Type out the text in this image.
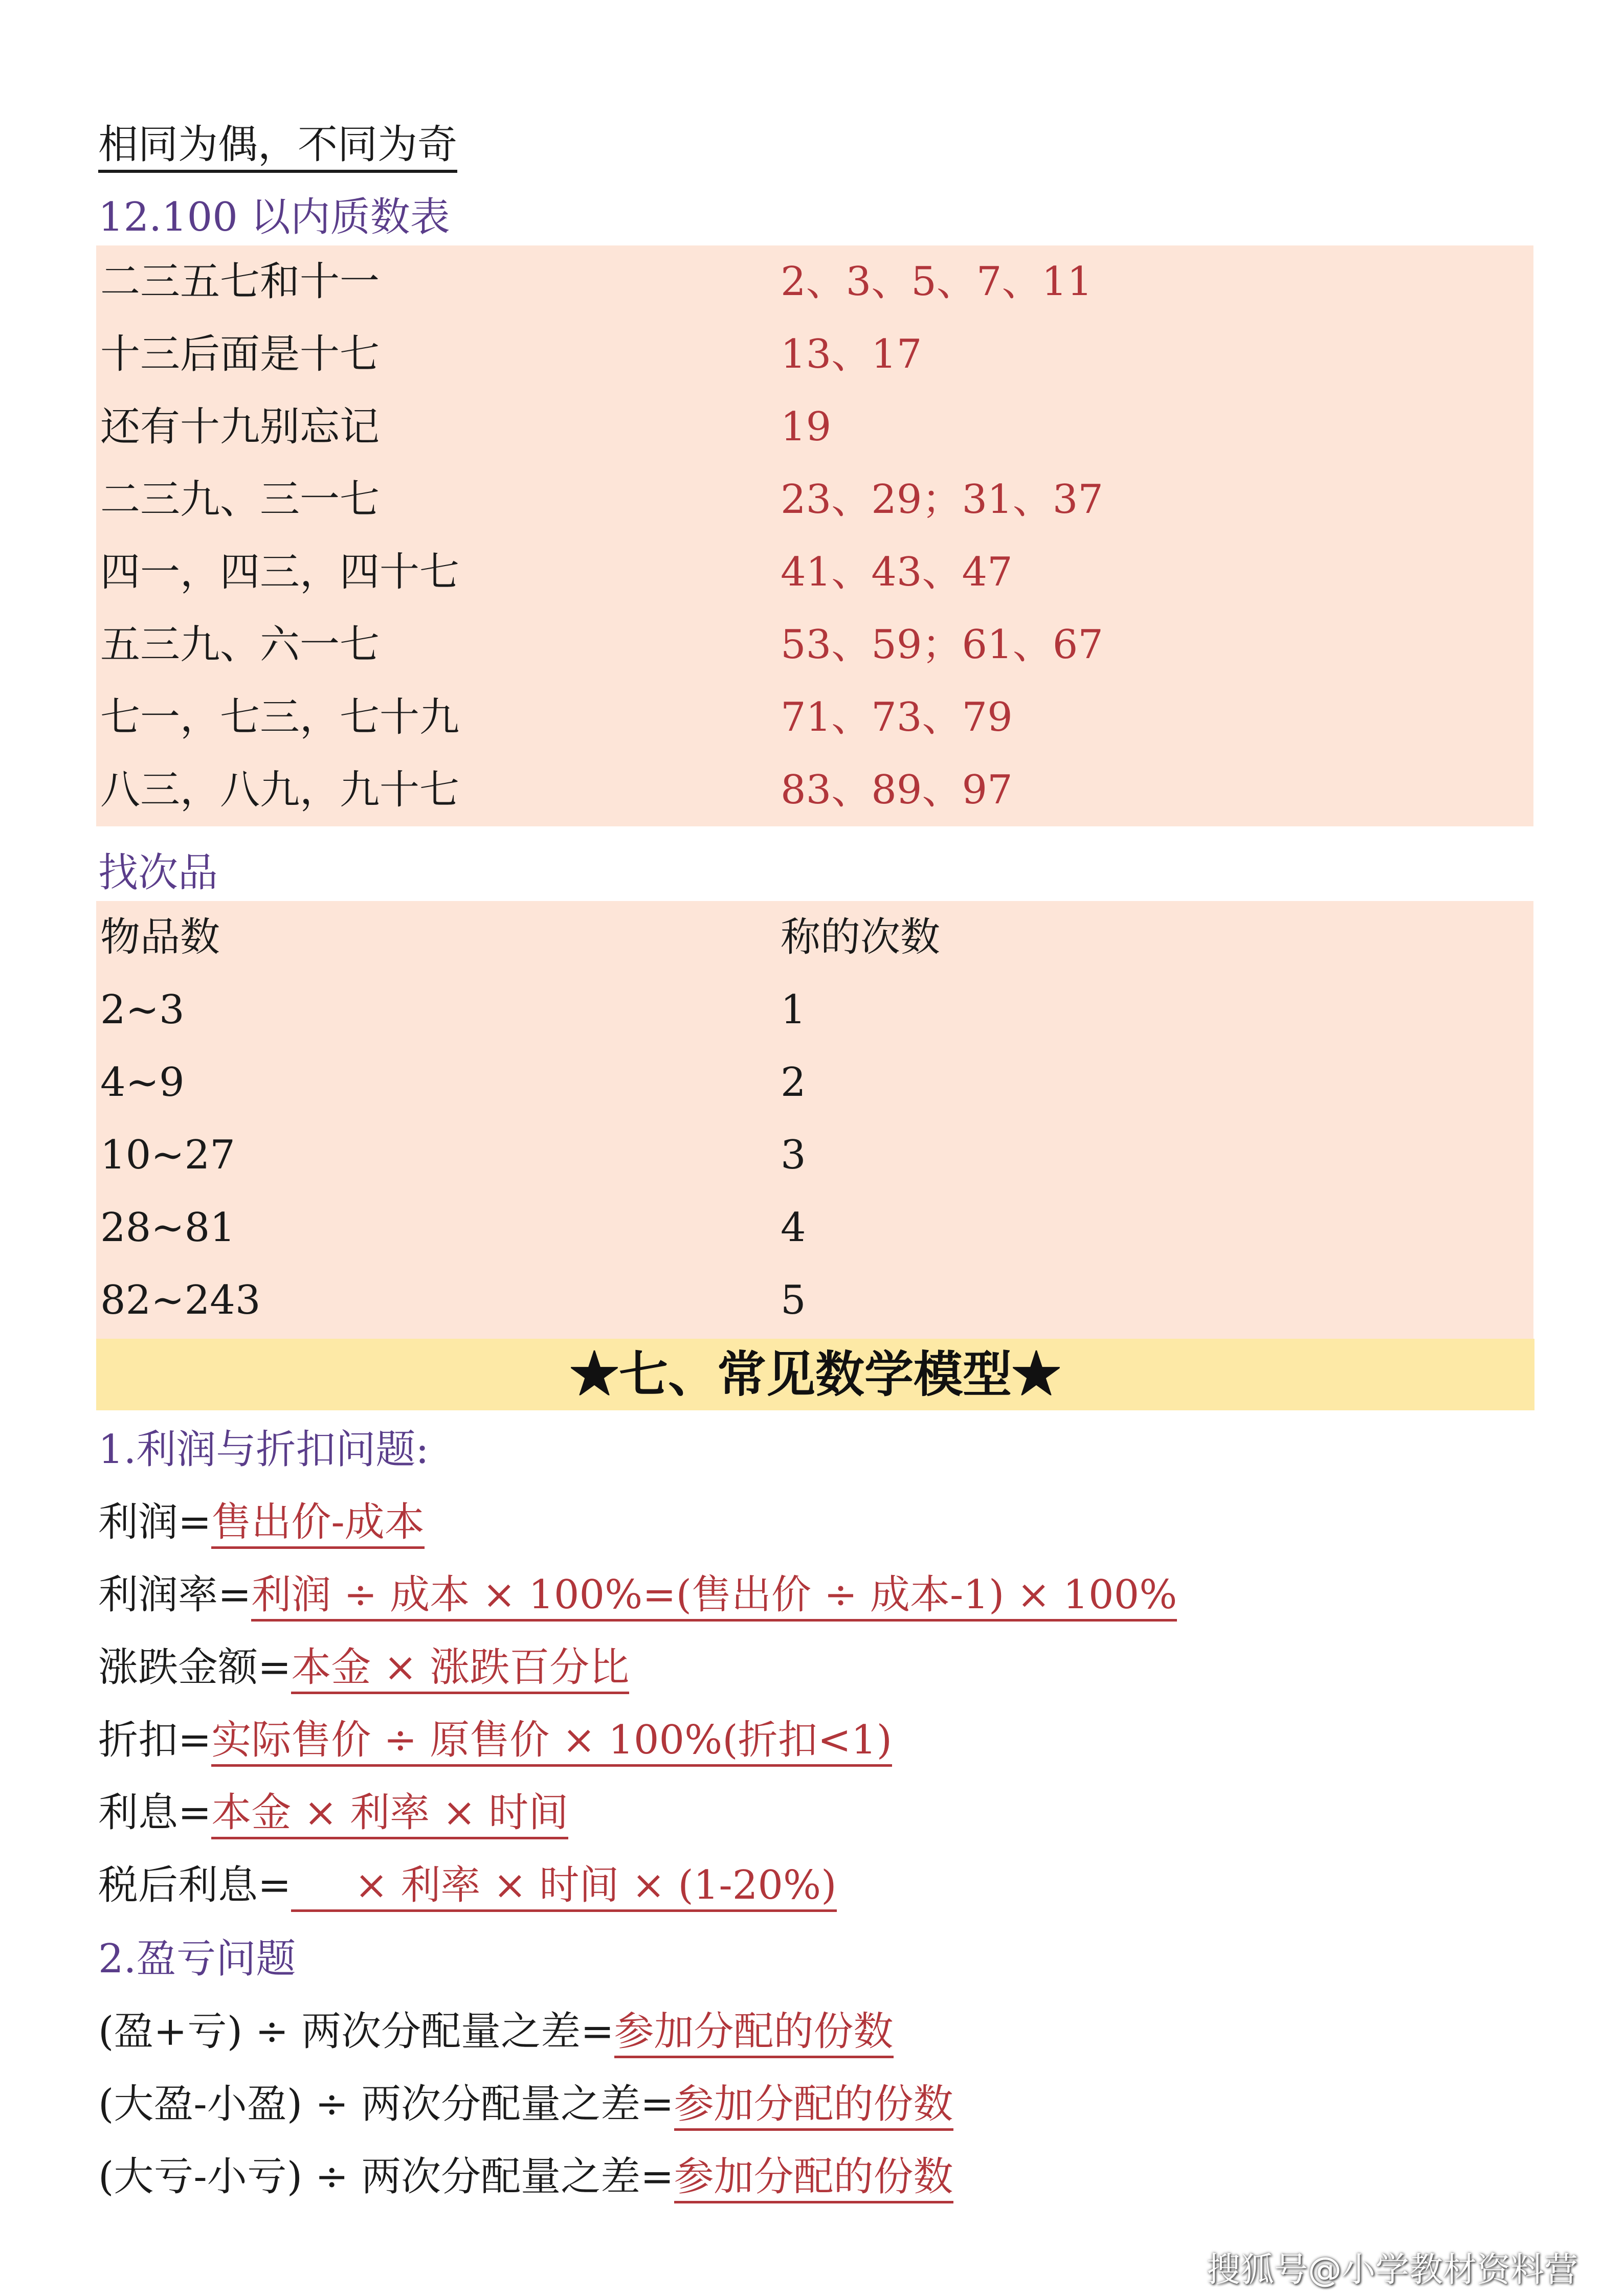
相同为偶，不同为奇
12.100 以内质数表
二三五七和十一	2、3、5、7、11
十三后面是十七	13、17
还有十九别忘记	19
二三九、三一七	23、29；31、37
四一，四三，四十七	41、43、47
五三九、六一七	53、59；61、67
七一，七三，七十九	71、73、79
八三，八九，九十七	83、89、97
找次品
物品数	称的次数
2~3	1
4~9	2
10~27	3
28~81	4
82~243	5
★七、常见数学模型★
1.利润与折扣问题:
利润=售出价-成本
利润率=利润 ÷ 成本 × 100%=(售出价 ÷ 成本-1) × 100%
涨跌金额=本金 × 涨跌百分比
折扣=实际售价 ÷ 原售价 × 100%(折扣<1)
利息=本金 × 利率 × 时间
税后利息=     × 利率 × 时间 × (1-20%)
2.盈亏问题
(盈+亏) ÷ 两次分配量之差=参加分配的份数
(大盈-小盈) ÷ 两次分配量之差=参加分配的份数
(大亏-小亏) ÷ 两次分配量之差=参加分配的份数
搜狐号@小学教材资料营
